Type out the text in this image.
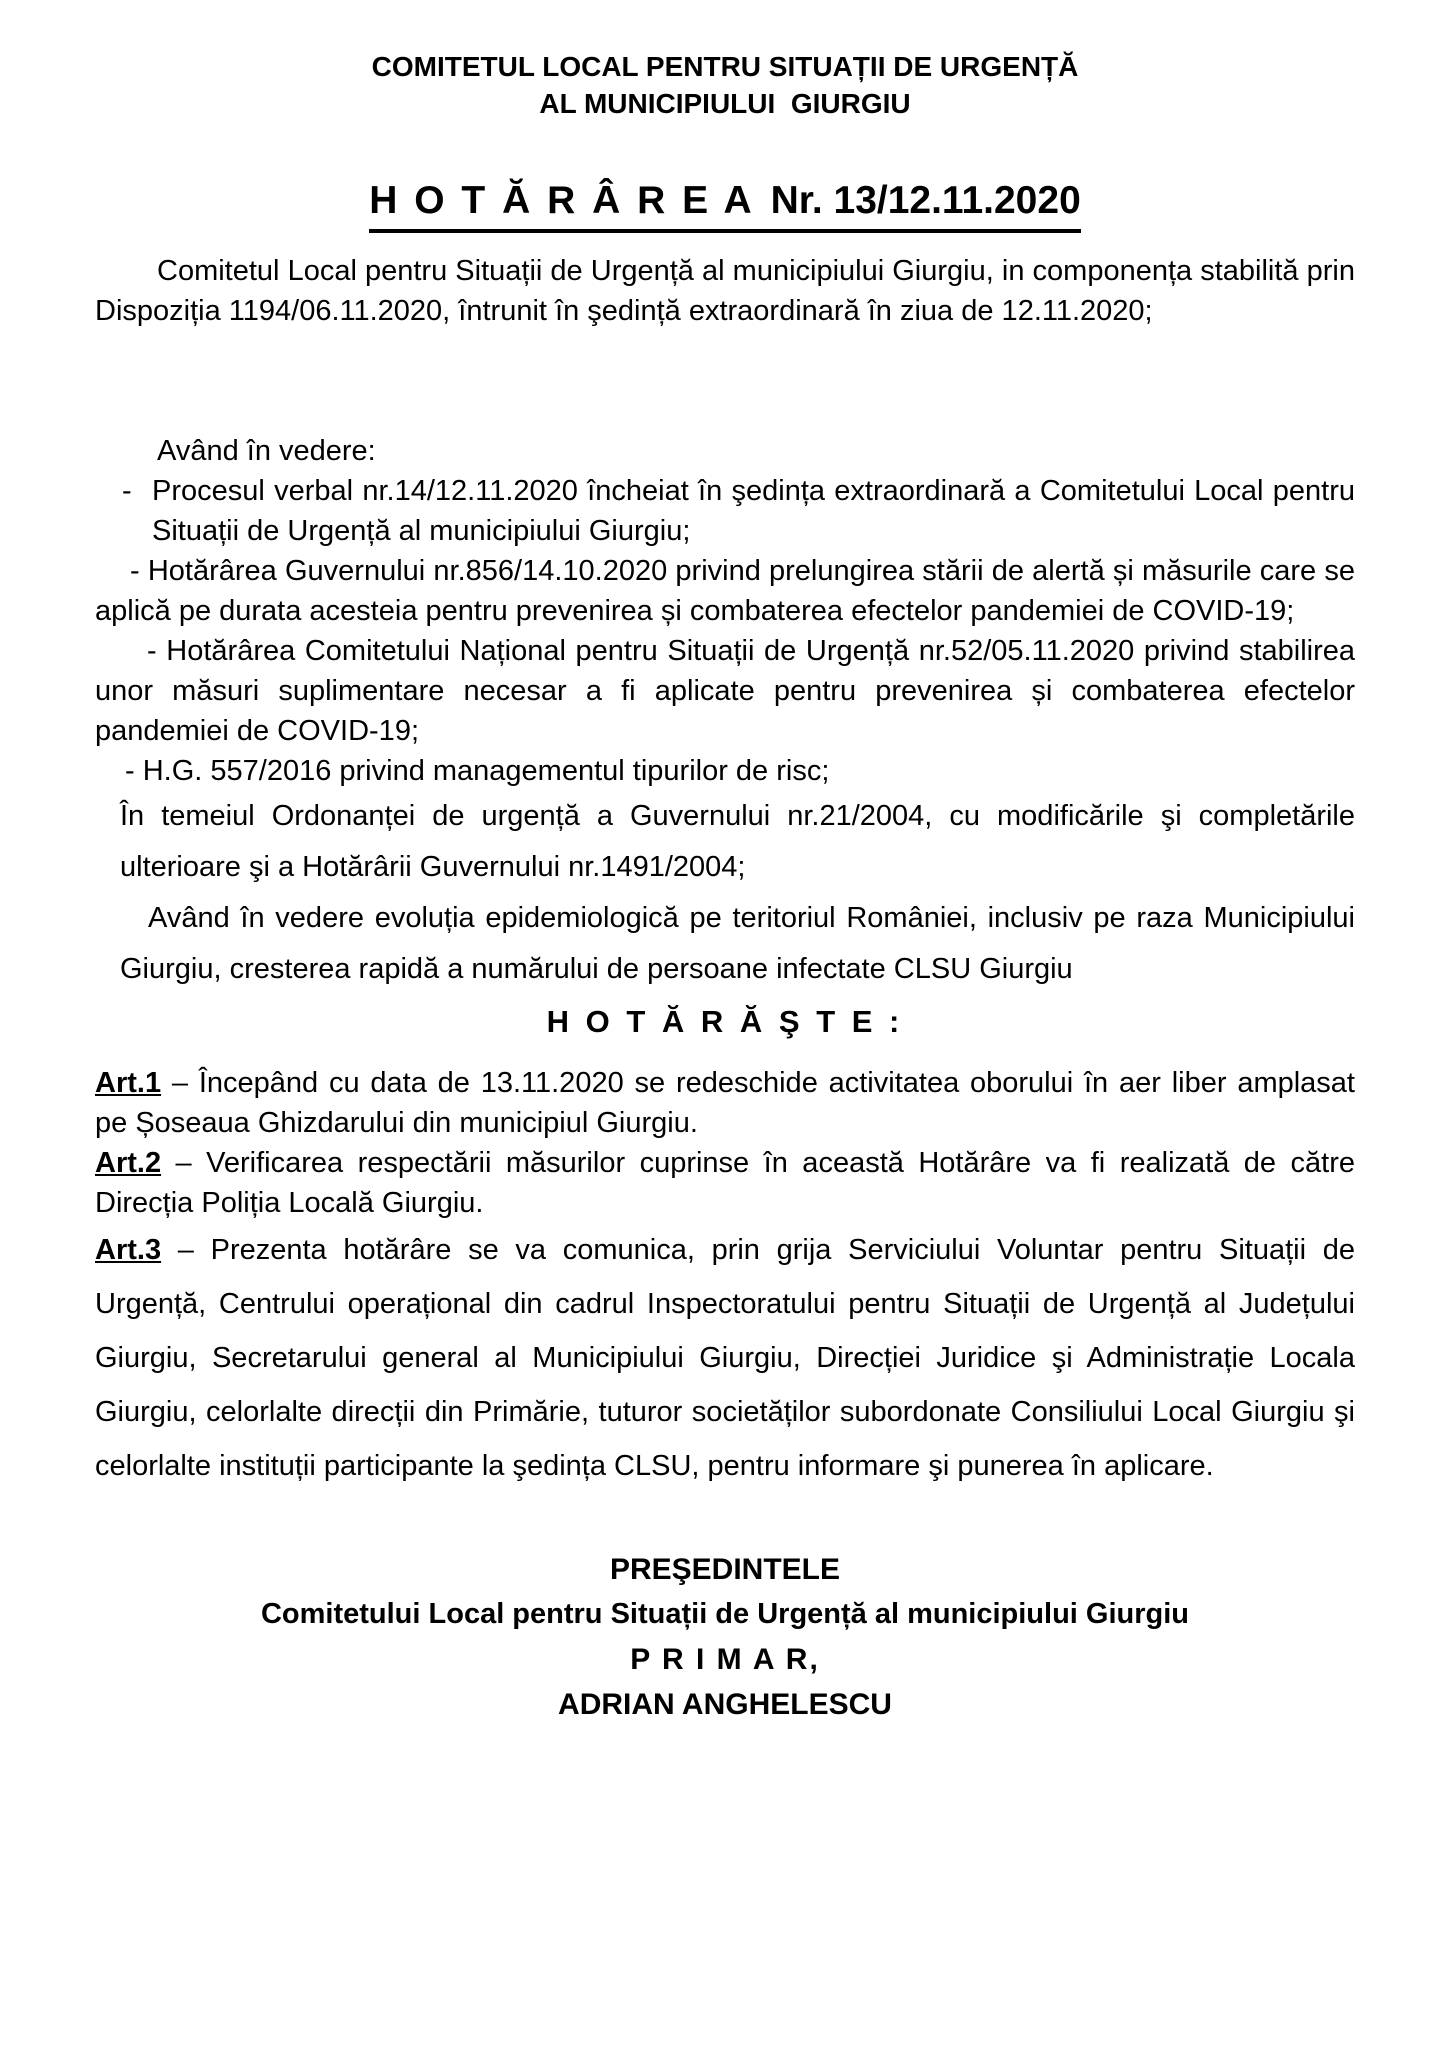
COMITETUL LOCAL PENTRU SITUAȚII DE URGENȚĂ
AL MUNICIPIULUI  GIURGIU
H O T Ă R Â R E A Nr. 13/12.11.2020

Comitetul Local pentru Situații de Urgență al municipiului Giurgiu, in componența stabilită prin Dispoziția 1194/06.11.2020, întrunit în şedință extraordinară în ziua de 12.11.2020;

Având în vedere:

- Procesul verbal nr.14/12.11.2020 încheiat în şedința extraordinară a Comitetului Local pentru Situații de Urgență al municipiului Giurgiu;

- Hotărârea Guvernului nr.856/14.10.2020 privind prelungirea stării de alertă și măsurile care se aplică pe durata acesteia pentru prevenirea și combaterea efectelor pandemiei de COVID-19;

- Hotărârea Comitetului Național pentru Situații de Urgență nr.52/05.11.2020 privind stabilirea unor măsuri suplimentare necesar a fi aplicate pentru prevenirea și combaterea efectelor pandemiei de COVID-19;

- H.G. 557/2016 privind managementul tipurilor de risc;

În temeiul Ordonanței de urgență a Guvernului nr.21/2004, cu modificările şi completările ulterioare şi a Hotărârii Guvernului nr.1491/2004;

Având în vedere evoluția epidemiologică pe teritoriul României, inclusiv pe raza Municipiului Giurgiu, cresterea rapidă a numărului de persoane infectate CLSU Giurgiu

H O T Ă R Ă Ş T E :

Art.1 – Începând cu data de 13.11.2020 se redeschide activitatea oborului în aer liber amplasat pe Șoseaua Ghizdarului din municipiul Giurgiu.

Art.2 – Verificarea respectării măsurilor cuprinse în această Hotărâre va fi realizată de către Direcția Poliția Locală Giurgiu.

Art.3 – Prezenta hotărâre se va comunica, prin grija Serviciului Voluntar pentru Situații de Urgență, Centrului operațional din cadrul Inspectoratului pentru Situații de Urgență al Județului Giurgiu, Secretarului general al Municipiului Giurgiu, Direcției Juridice şi Administrație Locala Giurgiu, celorlalte direcții din Primărie, tuturor societăților subordonate Consiliului Local Giurgiu şi celorlalte instituții participante la şedința CLSU, pentru informare şi punerea în aplicare.

PREŞEDINTELE
Comitetului Local pentru Situații de Urgență al municipiului Giurgiu
P R I M A R,
ADRIAN ANGHELESCU
